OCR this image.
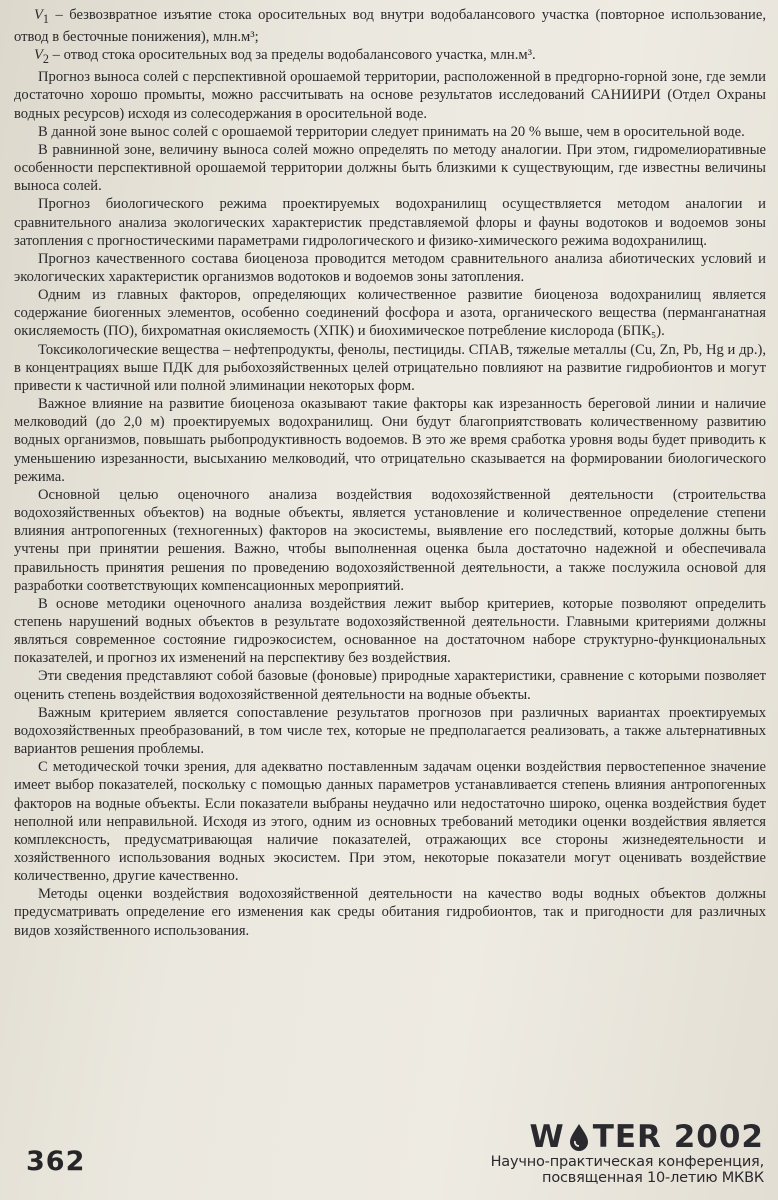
$V_1$ – безвозвратное изъятие стока оросительных вод внутри водобалансового участка (повторное использование, отвод в бесточные понижения), млн.м³;

$V_2$ – отвод стока оросительных вод за пределы водобалансового участка, млн.м³.

Прогноз выноса солей с перспективной орошаемой территории, расположенной в предгорно-горной зоне, где земли достаточно хорошо промыты, можно рассчитывать на основе результатов исследований САНИИРИ (Отдел Охраны водных ресурсов) исходя из солесодержания в оросительной воде.

В данной зоне вынос солей с орошаемой территории следует принимать на 20 % выше, чем в оросительной воде.

В равнинной зоне, величину выноса солей можно определять по методу аналогии. При этом, гидромелиоративные особенности перспективной орошаемой территории должны быть близкими к существующим, где известны величины выноса солей.

Прогноз биологического режима проектируемых водохранилищ осуществляется методом аналогии и сравнительного анализа экологических характеристик представляемой флоры и фауны водотоков и водоемов зоны затопления с прогностическими параметрами гидрологического и физико-химического режима водохранилищ.

Прогноз качественного состава биоценоза проводится методом сравнительного анализа абиотических условий и экологических характеристик организмов водотоков и водоемов зоны затопления.

Одним из главных факторов, определяющих количественное развитие биоценоза водохранилищ является содержание биогенных элементов, особенно соединений фосфора и азота, органического вещества (перманганатная окисляемость (ПО), бихроматная окисляемость (ХПК) и биохимическое потребление кислорода (БПК₅).

Токсикологические вещества – нефтепродукты, фенолы, пестициды. СПАВ, тяжелые металлы (Cu, Zn, Pb, Hg и др.), в концентрациях выше ПДК для рыбохозяйственных целей отрицательно повлияют на развитие гидробионтов и могут привести к частичной или полной элиминации некоторых форм.

Важное влияние на развитие биоценоза оказывают такие факторы как изрезанность береговой линии и наличие мелководий (до 2,0 м) проектируемых водохранилищ. Они будут благоприятствовать количественному развитию водных организмов, повышать рыбопродуктивность водоемов. В это же время сработка уровня воды будет приводить к уменьшению изрезанности, высыханию мелководий, что отрицательно сказывается на формировании биологического режима.

Основной целью оценочного анализа воздействия водохозяйственной деятельности (строительства водохозяйственных объектов) на водные объекты, является установление и количественное определение степени влияния антропогенных (техногенных) факторов на экосистемы, выявление его последствий, которые должны быть учтены при принятии решения. Важно, чтобы выполненная оценка была достаточно надежной и обеспечивала правильность принятия решения по проведению водохозяйственной деятельности, а также послужила основой для разработки соответствующих компенсационных мероприятий.

В основе методики оценочного анализа воздействия лежит выбор критериев, которые позволяют определить степень нарушений водных объектов в результате водохозяйственной деятельности. Главными критериями должны являться современное состояние гидроэкосистем, основанное на достаточном наборе структурно-функциональных показателей, и прогноз их изменений на перспективу без воздействия.

Эти сведения представляют собой базовые (фоновые) природные характеристики, сравнение с которыми позволяет оценить степень воздействия водохозяйственной деятельности на водные объекты.

Важным критерием является сопоставление результатов прогнозов при различных вариантах проектируемых водохозяйственных преобразований, в том числе тех, которые не предполагается реализовать, а также альтернативных вариантов решения проблемы.

С методической точки зрения, для адекватно поставленным задачам оценки воздействия первостепенное значение имеет выбор показателей, поскольку с помощью данных параметров устанавливается степень влияния антропогенных факторов на водные объекты. Если показатели выбраны неудачно или недостаточно широко, оценка воздействия будет неполной или неправильной. Исходя из этого, одним из основных требований методики оценки воздействия является комплексность, предусматривающая наличие показателей, отражающих все стороны жизнедеятельности и хозяйственного использования водных экосистем. При этом, некоторые показатели могут оценивать воздействие количественно, другие качественно.

Методы оценки воздействия водохозяйственной деятельности на качество воды водных объектов должны предусматривать определение его изменения как среды обитания гидробионтов, так и пригодности для различных видов хозяйственного использования.

362
W TER 2002
Научно-практическая конференция,
посвященная 10-летию МКВК
